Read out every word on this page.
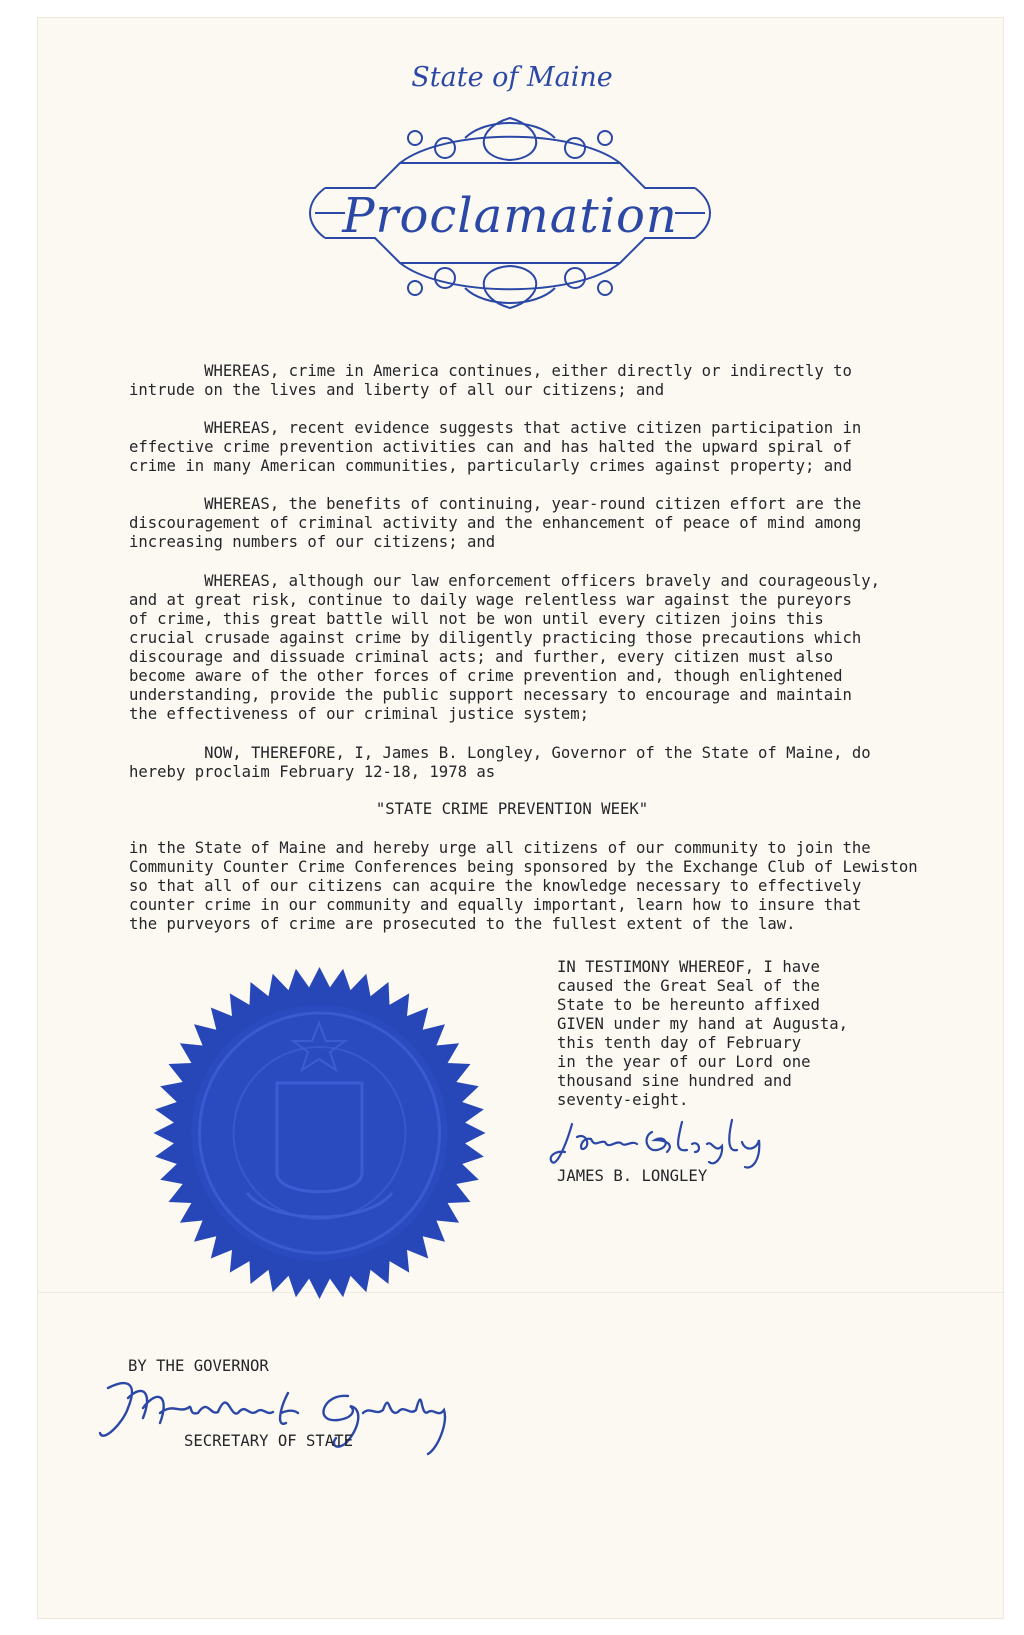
State of Maine
Proclamation
WHEREAS, crime in America continues, either directly or indirectly to
intrude on the lives and liberty of all our citizens; and
WHEREAS, recent evidence suggests that active citizen participation in
effective crime prevention activities can and has halted the upward spiral of
crime in many American communities, particularly crimes against property; and
WHEREAS, the benefits of continuing, year-round citizen effort are the
discouragement of criminal activity and the enhancement of peace of mind among
increasing numbers of our citizens; and
WHEREAS, although our law enforcement officers bravely and courageously,
and at great risk, continue to daily wage relentless war against the pureyors
of crime, this great battle will not be won until every citizen joins this
crucial crusade against crime by diligently practicing those precautions which
discourage and dissuade criminal acts; and further, every citizen must also
become aware of the other forces of crime prevention and, though enlightened
understanding, provide the public support necessary to encourage and maintain
the effectiveness of our criminal justice system;
NOW, THEREFORE, I, James B. Longley, Governor of the State of Maine, do
hereby proclaim February 12-18, 1978 as
"STATE CRIME PREVENTION WEEK"
in the State of Maine and hereby urge all citizens of our community to join the
Community Counter Crime Conferences being sponsored by the Exchange Club of Lewiston
so that all of our citizens can acquire the knowledge necessary to effectively
counter crime in our community and equally important, learn how to insure that
the purveyors of crime are prosecuted to the fullest extent of the law.
IN TESTIMONY WHEREOF, I have
caused the Great Seal of the
State to be hereunto affixed
GIVEN under my hand at Augusta,
this tenth day of February
in the year of our Lord one
thousand sine hundred and
seventy-eight.
JAMES B. LONGLEY
BY THE GOVERNOR
SECRETARY OF STATE
